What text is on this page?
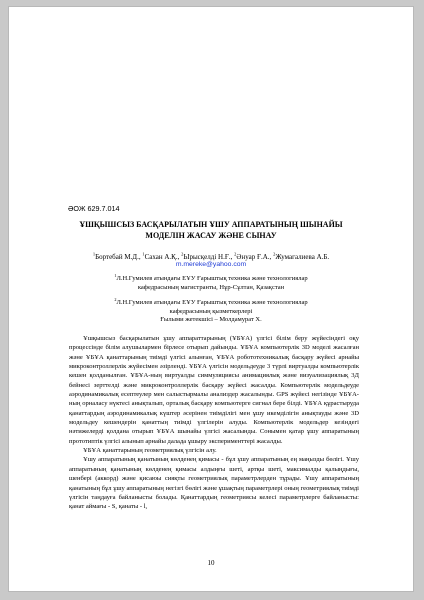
ӘОЖ 629.7.014
ҰШҚЫШСЫЗ БАСҚАРЫЛАТЫН ҰШУ АППАРАТЫНЫҢ ШЫНАЙЫ
МОДЕЛІН ЖАСАУ ЖӘНЕ СЫНАУ
$^1$Бортебай М.Д., $^1$Сахан А.Қ., $^2$Ырысқелді Н.Ғ., $^2$Әнуар Ғ.А., $^2$Жумагалиева А.Б.
m.mereke@yahoo.com
$^1$Л.Н.Гумилев атындағы ЕҰУ Ғарыштық техника және технологиялар
кафедрасының магистранты, Нұр-Сұлтан, Қазақстан
$^2$Л.Н.Гумилев атындағы ЕҰУ Ғарыштық техника және технологиялар
кафедрасының қызметкерлері
Ғылыми жетекшісі – Молдамурат Х.

Ұшқышсыз басқарылатын ұшу аппараттарының (ҰБҰА) үлгісі білім беру жүйесіндегі оқу процессінде білім алушылармен бірлесе отырып дайынды. ҰБҰА компьютерлік 3D моделі жасалған және ҰБҰА қанаттарының тиімді үлгісі алынған, ҰБҰА робототехникалық басқару жүйесі арнайы микроконтроллерлік жүйесімен әзірленді. ҰБҰА үлгісін модельдеуде 3 түрлі виртуалды компьютерлік кешен қолданылған. ҰБҰА-ның виртуалды симмуляциясы анимациялық және визуализациялық 3Д бейнесі зерттелді және микроконтроллерлік басқару жүйесі жасалды. Компьютерлік модельдеуде аэродинамикалық есептеулер мен салыстырмалы анализдер жасалынды. GPS жүйесі негізінде ҰБҰА-ның орналасу нүктесі анықталып, орталық басқару компьютерге сигнал бере білді. ҰБҰА құрастыруда қанаттардың аэродинамикалық күштер әсерінен тиімділігі мен ұшу икемділігін анықтауды және 3D модельдеу кешендерін қанаттың тиімді үлгілерін алуды. Компьютерлік модельдер кезіндегі нәтижелерді қолдана отырып ҰБҰА шынайы үлгісі жасалынды. Сонымен қатар ұшу аппаратының прототиптік үлгісі алынып арнайы далада ұшыру эксперименттері жасалды.

ҰБҰА қанаттарының геометриялық үлгісін алу.

Ұшу аппаратының қанатының көлденең қимасы - бұл ұшу аппаратының ең маңызды бөлігі. Ұшу аппаратының қанатының көлденең қимасы алдыңғы шеті, артқы шеті, максималды қалыңдығы, шенбері (аккорд) және қисаюы сияқты геометриялық параметрлерден тұрады. Ұшу аппаратының қанатының бұл ұшу аппаратының негізгі бөлігі және ұшақтың параметрлері оның геометриялық тиімді үлгісін таңдауға байланысты болады. Қанаттардың геометриясы келесі параметрлерге байланысты: қанат аймағы - S, қанаты - l,

10
